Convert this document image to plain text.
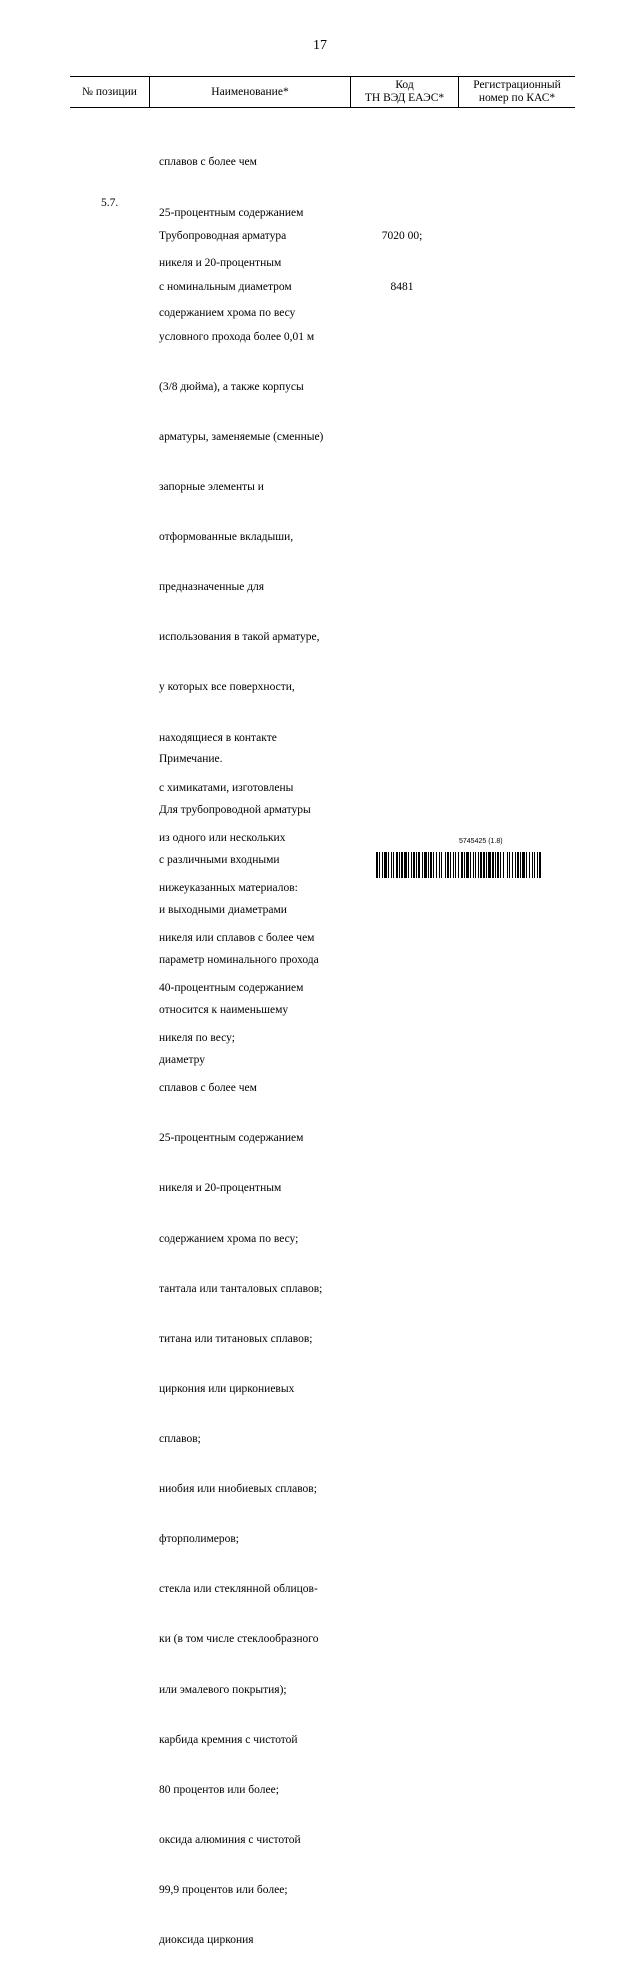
17
№ позиции	Наименование*
Код
ТН ВЭД ЕАЭС*
Регистрационный
номер по КАС*

сплавов с более чем

25-процентным содержанием

никеля и 20-процентным

содержанием хрома по весу

5.7.

7020 00;

8481

Трубопроводная арматура

с номинальным диаметром

условного прохода более 0,01 м

(3/8 дюйма), а также корпусы

арматуры, заменяемые (сменные)

запорные элементы и

отформованные вкладыши,

предназначенные для

использования в такой арматуре,

у которых все поверхности,

находящиеся в контакте

с химикатами, изготовлены

из одного или нескольких

нижеуказанных материалов:

никеля или сплавов с более чем

40-процентным содержанием

никеля по весу;

сплавов с более чем

25-процентным содержанием

никеля и 20-процентным

содержанием хрома по весу;

тантала или танталовых сплавов;

титана или титановых сплавов;

циркония или циркониевых

сплавов;

ниобия или ниобиевых сплавов;

фторполимеров;

стекла или стеклянной облицов-

ки (в том числе стеклообразного

или эмалевого покрытия);

карбида кремния с чистотой

80 процентов или более;

оксида алюминия с чистотой

99,9 процентов или более;

диоксида циркония

Примечание.

Для трубопроводной арматуры

с различными входными

и выходными диаметрами

параметр номинального прохода

относится к наименьшему

диаметру

5745425 (1.8)
